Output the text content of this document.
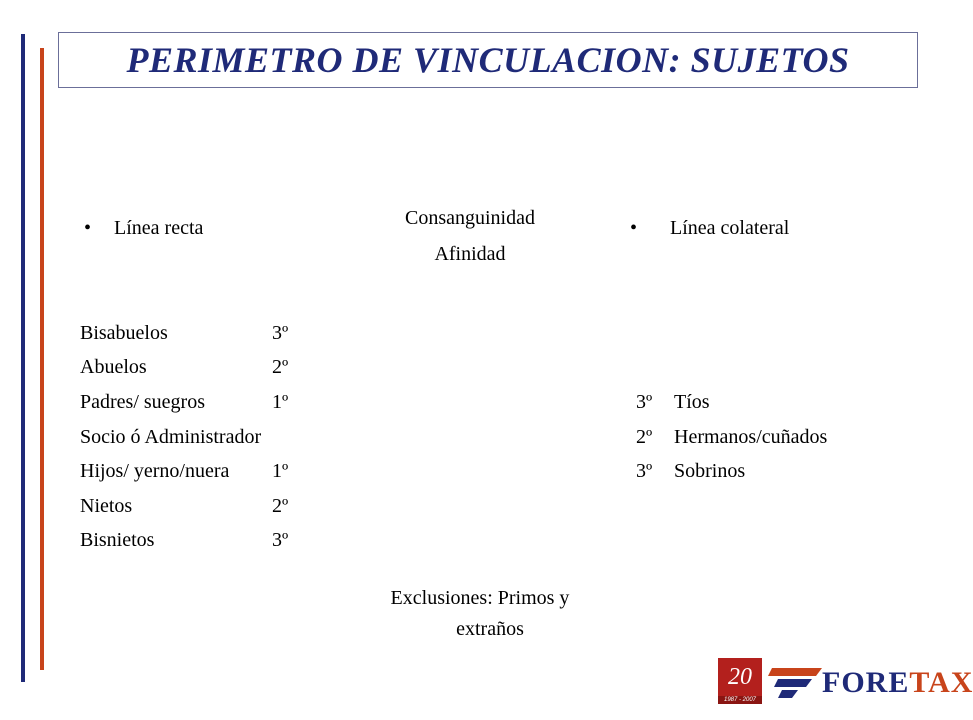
PERIMETRO DE VINCULACION: SUJETOS
•	Línea recta	Consanguinidad
Afinidad
•	Línea colateral
Bisabuelos	3º
Abuelos	2º
Padres/ suegros	1º
Socio ó Administrador
Hijos/ yerno/nuera 1º
Nietos	2º
Bisnietos	3º
3º Tíos
2º Hermanos/cuñados
3º Sobrinos
Exclusiones: Primos y
extraños
20
1987 - 2007
FORETAX
